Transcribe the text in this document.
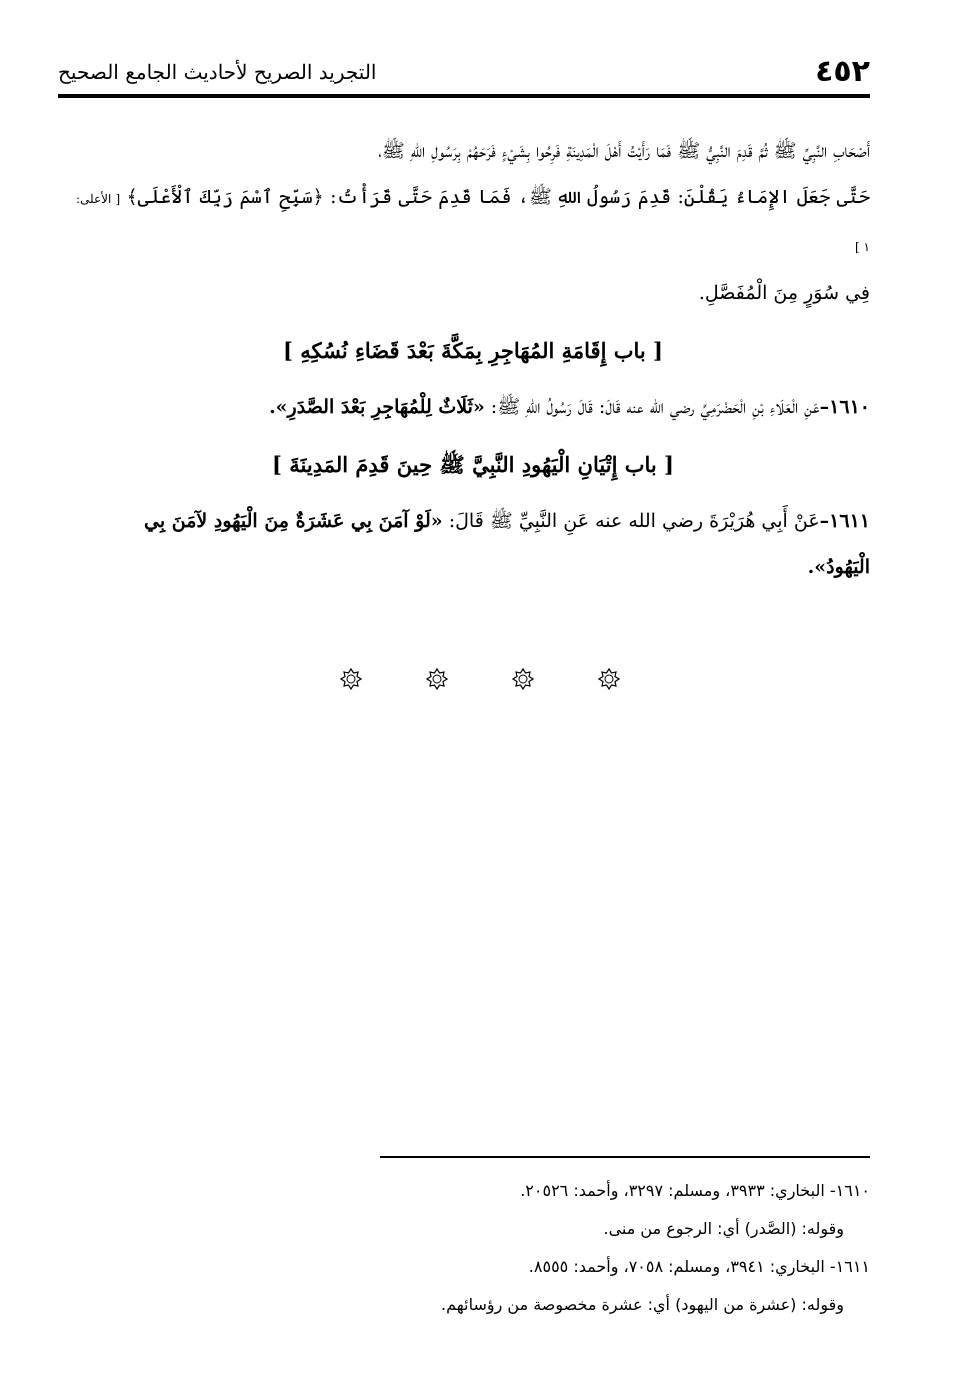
٤٥٢
التجريد الصريح لأحاديث الجامع الصحيح

أَصْحَابِ النَّبِيِّ ﷺ ثُمَّ قَدِمَ النَّبِيُّ ﷺ فَمَا رَأَيْتُ أَهْلَ الْمَدِينَةِ فَرِحُوا بِشَيْءٍ فَرَحَهُمْ بِرَسُولِ اللهِ ﷺ،

حَتَّى جَعَلَ الإِمَاءُ يَقُلْنَ: قَدِمَ رَسُولُ اللهِ ﷺ، فَمَا قَدِمَ حَتَّى قَرَأْتُ: ﴿سَبِّحِ ٱسْمَ رَبِّكَ ٱلْأَعْلَى﴾ [ الأعلى: ١ ]

فِي سُوَرٍ مِنَ الْمُفَصَّلِ.

[ باب إِقَامَةِ المُهَاجِرِ بِمَكَّةَ بَعْدَ قَضَاءِ نُسُكِهِ ]

١٦١٠–عَنِ الْعَلَاءِ بْنِ الْحَضْرَمِيِّ رضي الله عنه قَالَ: قَالَ رَسُولُ اللهِ ﷺ: «ثَلَاثٌ لِلْمُهَاجِرِ بَعْدَ الصَّدَرِ».

[ باب إِتْيَانِ الْيَهُودِ النَّبِيَّ ﷺ حِينَ قَدِمَ المَدِينَةَ ]

١٦١١–عَنْ أَبِي هُرَيْرَةَ رضي الله عنه عَنِ النَّبِيِّ ﷺ قَالَ: «لَوْ آمَنَ بِي عَشَرَةٌ مِنَ الْيَهُودِ لآمَنَ بِي الْيَهُودُ».

١٦١٠- البخاري: ٣٩٣٣، ومسلم: ٣٢٩٧، وأحمد: ٢٠٥٢٦.

وقوله: (الصَّدر) أي: الرجوع من منى.

١٦١١- البخاري: ٣٩٤١، ومسلم: ٧٠٥٨، وأحمد: ٨٥٥٥.

وقوله: (عشرة من اليهود) أي: عشرة مخصوصة من رؤسائهم.
